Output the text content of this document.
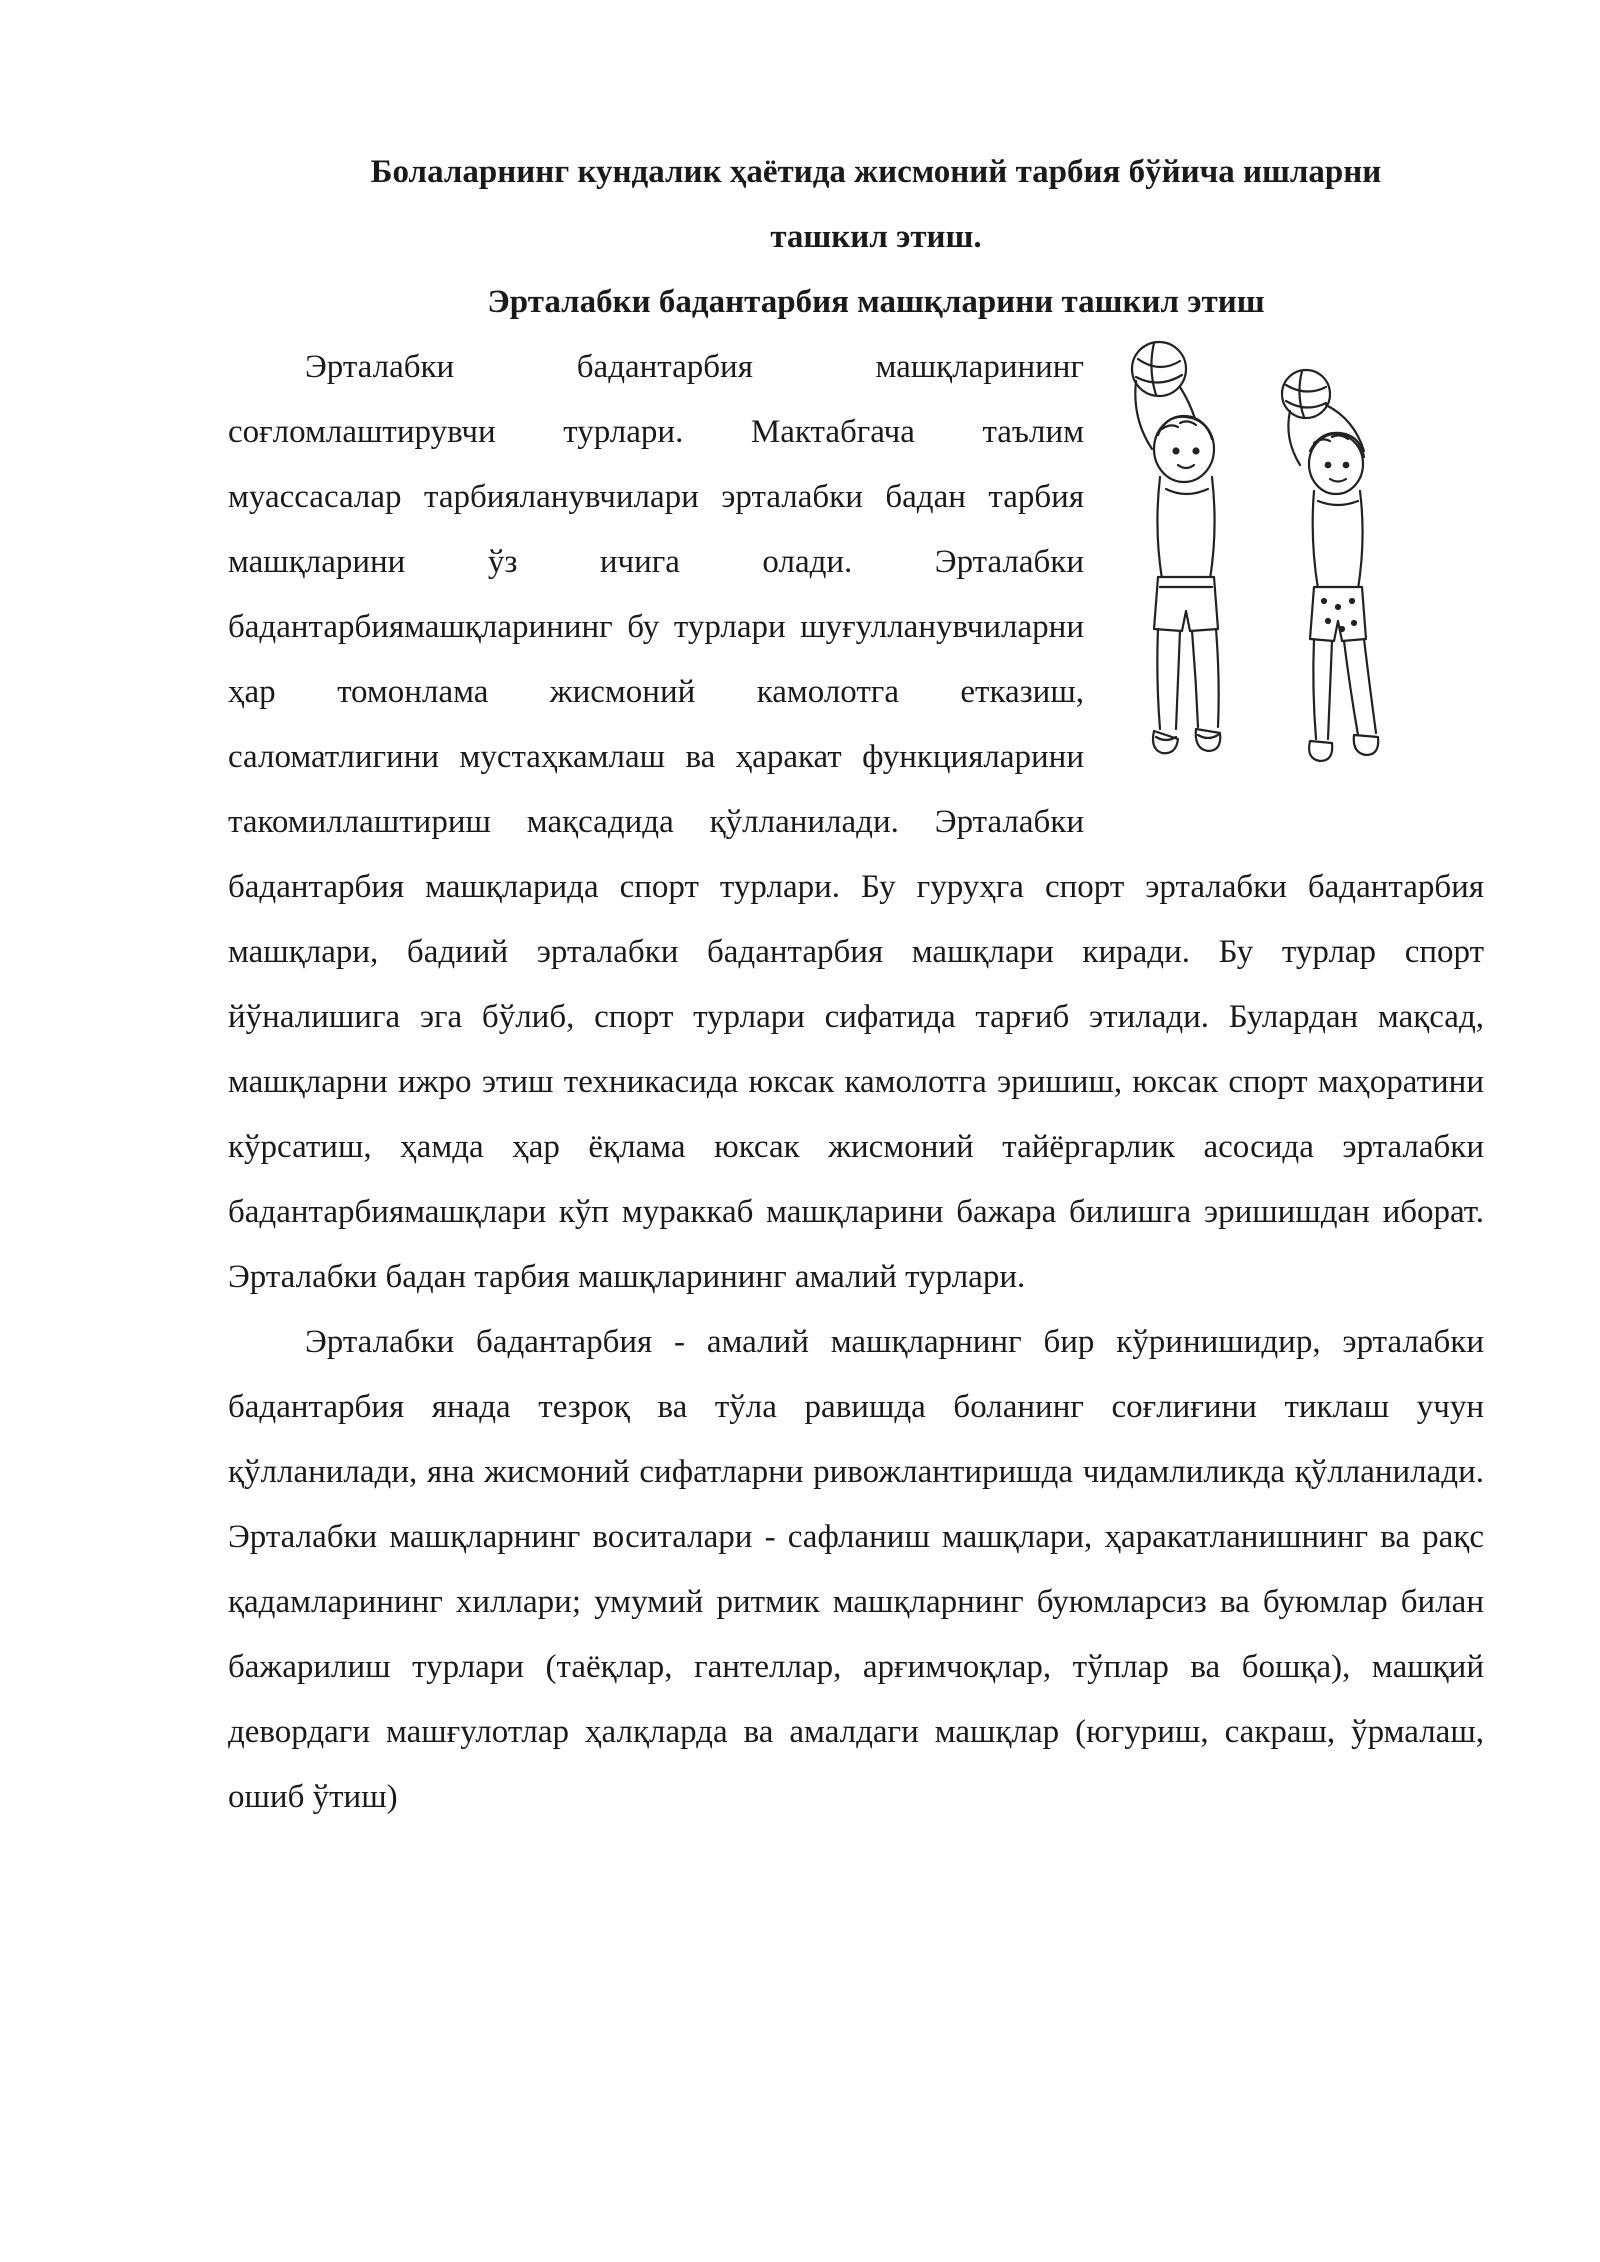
Болаларнинг кундалик ҳаётида жисмоний тарбия бўйича ишларни

ташкил этиш.

Эрталабки бадантарбия машқларини ташкил этиш

Эрталабки бадантарбия машқларининг соғломлаштирувчи турлари. Мактабгача таълим муассасалар тарбияланувчилари эрталабки бадан тарбия машқларини ўз ичига олади. Эрталабки бадантарбиямашқларининг бу турлари шуғулланувчиларни ҳар томонлама жисмоний камолотга етказиш, саломатлигини мустаҳкамлаш ва ҳаракат функцияларини такомиллаштириш мақсадида қўлланилади. Эрталабки бадантарбия машқларида спорт турлари. Бу гуруҳга спорт эрталабки бадантарбия машқлари, бадиий эрталабки бадантарбия машқлари киради. Бу турлар спорт йўналишига эга бўлиб, спорт турлари сифатида тарғиб этилади. Булардан мақсад, машқларни ижро этиш техникасида юксак камолотга эришиш, юксак спорт маҳоратини кўрсатиш, ҳамда ҳар ёқлама юксак жисмоний тайёргарлик асосида эрталабки бадантарбиямашқлари кўп мураккаб машқларини бажара билишга эришишдан иборат. Эрталабки бадан тарбия машқларининг амалий турлари.

Эрталабки бадантарбия - амалий машқларнинг бир кўринишидир, эрталабки бадантарбия янада тезроқ ва тўла равишда боланинг соғлиғини тиклаш учун қўлланилади, яна жисмоний сифатларни ривожлантиришда чидамлиликда қўлланилади. Эрталабки машқларнинг воситалари - сафланиш машқлари, ҳаракатланишнинг ва рақс қадамларининг хиллари; умумий ритмик машқларнинг буюмларсиз ва буюмлар билан бажарилиш турлари (таёқлар, гантеллар, арғимчоқлар, тўплар ва бошқа), машқий девордаги машғулотлар ҳалқларда ва амалдаги машқлар (югуриш, сакраш, ўрмалаш, ошиб ўтиш)
